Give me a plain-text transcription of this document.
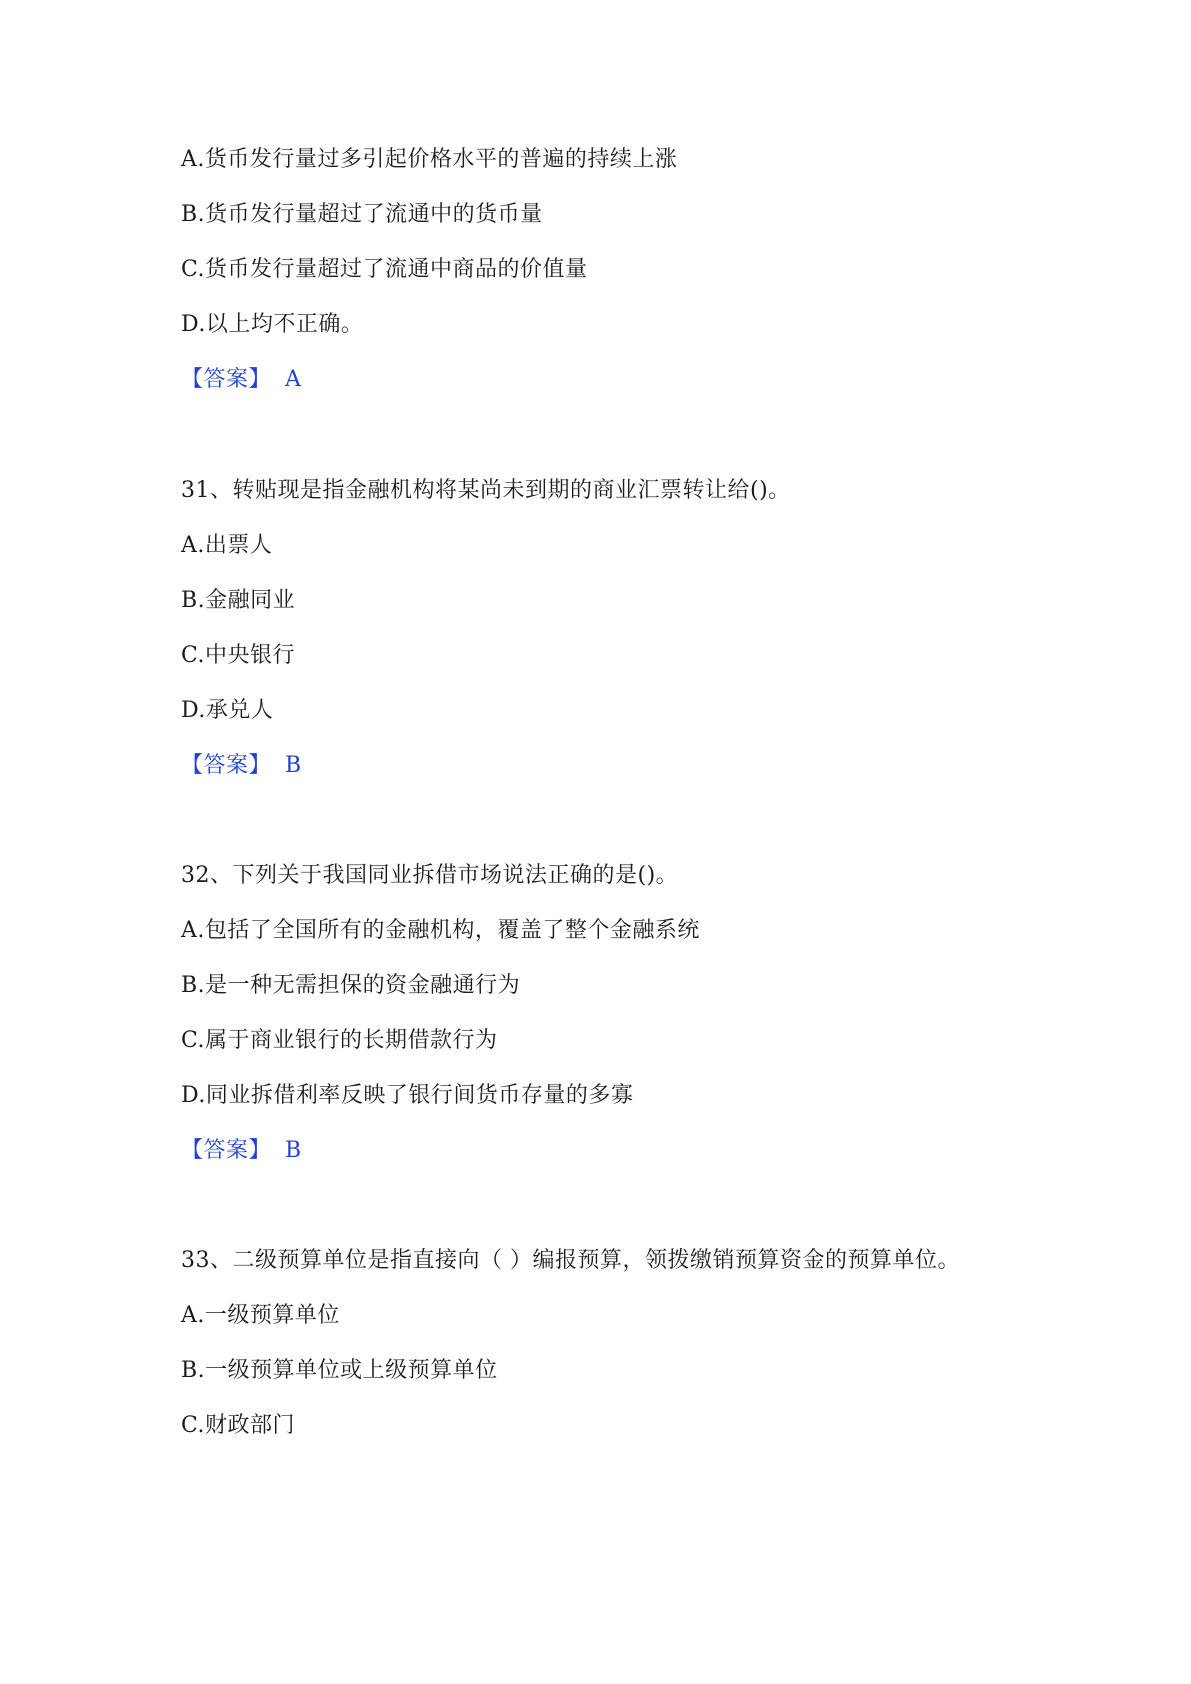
A.货币发行量过多引起价格水平的普遍的持续上涨
B.货币发行量超过了流通中的货币量
C.货币发行量超过了流通中商品的价值量
D.以上均不正确。
【答案】 A
31、转贴现是指金融机构将某尚未到期的商业汇票转让给()。
A.出票人
B.金融同业
C.中央银行
D.承兑人
【答案】 B
32、下列关于我国同业拆借市场说法正确的是()。
A.包括了全国所有的金融机构，覆盖了整个金融系统
B.是一种无需担保的资金融通行为
C.属于商业银行的长期借款行为
D.同业拆借利率反映了银行间货币存量的多寡
【答案】 B
33、二级预算单位是指直接向（ ）编报预算，领拨缴销预算资金的预算单位。
A.一级预算单位
B.一级预算单位或上级预算单位
C.财政部门
